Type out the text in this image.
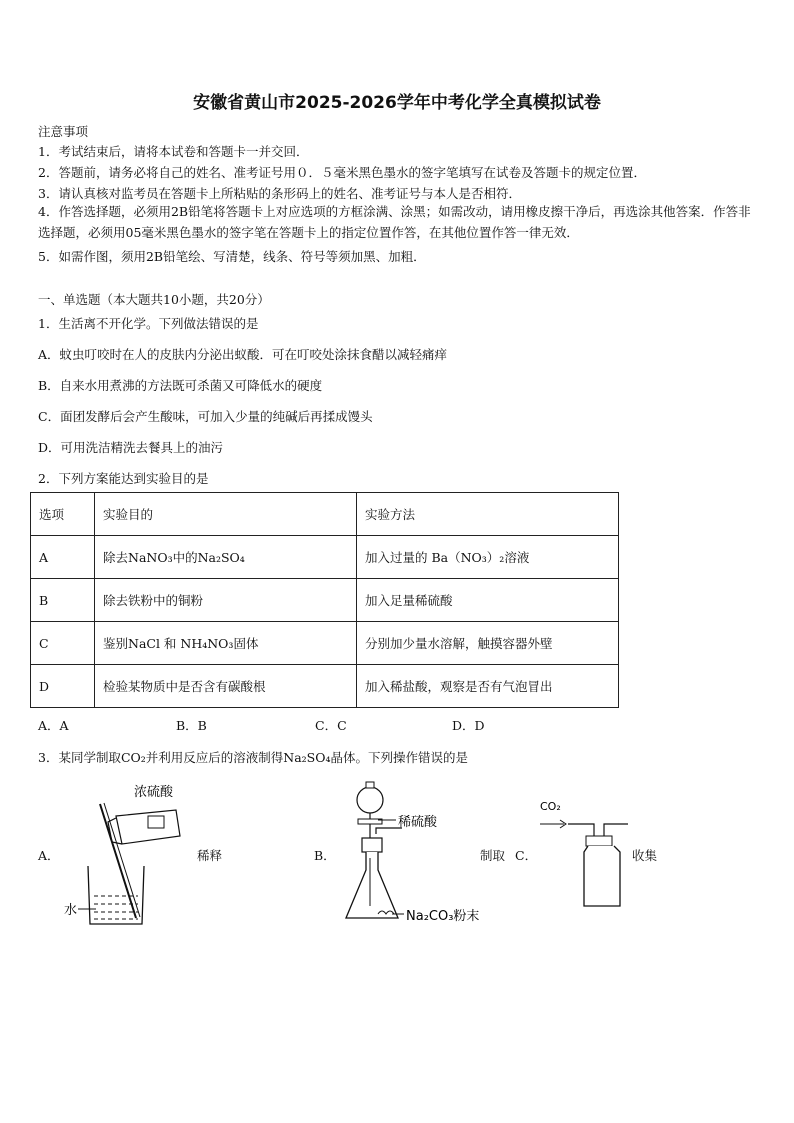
安徽省黄山市2025-2026学年中考化学全真模拟试卷
注意事项
1．考试结束后，请将本试卷和答题卡一并交回．
2．答题前，请务必将自己的姓名、准考证号用０．５毫米黑色墨水的签字笔填写在试卷及答题卡的规定位置．
3．请认真核对监考员在答题卡上所粘贴的条形码上的姓名、准考证号与本人是否相符．
4．作答选择题，必须用2B铅笔将答题卡上对应选项的方框涂满、涂黑；如需改动，请用橡皮擦干净后，再选涂其他答案．作答非选择题，必须用05毫米黑色墨水的签字笔在答题卡上的指定位置作答，在其他位置作答一律无效．
5．如需作图，须用2B铅笔绘、写清楚，线条、符号等须加黑、加粗．
一、单选题（本大题共10小题，共20分）
1．生活离不开化学。下列做法错误的是
A．蚊虫叮咬时在人的皮肤内分泌出蚁酸．可在叮咬处涂抹食醋以减轻痛痒
B．自来水用煮沸的方法既可杀菌又可降低水的硬度
C．面团发酵后会产生酸味，可加入少量的纯碱后再揉成馒头
D．可用洗洁精洗去餐具上的油污
2．下列方案能达到实验目的是
选项	实验目的	实验方法
A	除去NaNO₃中的Na₂SO₄	加入过量的 Ba（NO₃）₂溶液
B	除去铁粉中的铜粉	加入足量稀硫酸
C	鉴别NaCl 和 NH₄NO₃固体	分别加少量水溶解，触摸容器外壁
D	检验某物质中是否含有碳酸根	加入稀盐酸，观察是否有气泡冒出
A．A	B．B	C．C	D．D
3．某同学制取CO₂并利用反应后的溶液制得Na₂SO₄晶体。下列操作错误的是
A．	稀释
浓硫酸
水
B．	制取
稀硫酸
Na₂CO₃粉末
C．	收集
CO₂
